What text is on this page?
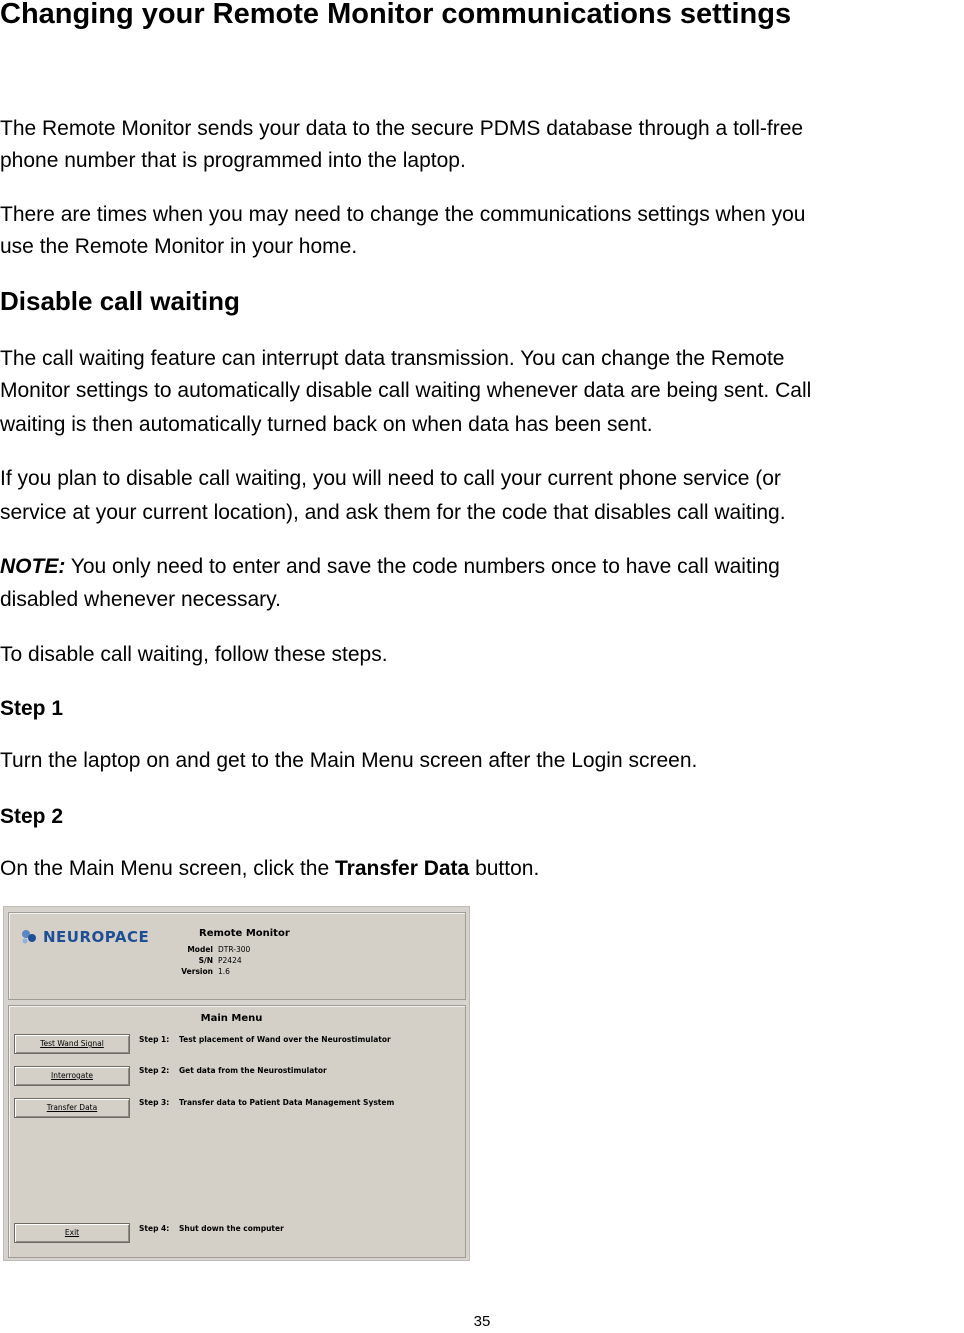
Changing your Remote Monitor communications settings
The Remote Monitor sends your data to the secure PDMS database through a toll-free
phone number that is programmed into the laptop.
There are times when you may need to change the communications settings when you
use the Remote Monitor in your home.
Disable call waiting
The call waiting feature can interrupt data transmission. You can change the Remote
Monitor settings to automatically disable call waiting whenever data are being sent. Call
waiting is then automatically turned back on when data has been sent.
If you plan to disable call waiting, you will need to call your current phone service (or
service at your current location), and ask them for the code that disables call waiting.
NOTE: You only need to enter and save the code numbers once to have call waiting
disabled whenever necessary.
To disable call waiting, follow these steps.
Step 1
Turn the laptop on and get to the Main Menu screen after the Login screen.
Step 2
On the Main Menu screen, click the Transfer Data button.
NEUROPACE	Remote Monitor
Model DTR-300
S/N P2424
Version 1.6
Main Menu
Test Wand Signal
Interrogate
Transfer Data
Exit
Step 1: Test placement of Wand over the Neurostimulator
Step 2: Get data from the Neurostimulator
Step 3: Transfer data to Patient Data Management System
Step 4: Shut down the computer
35
